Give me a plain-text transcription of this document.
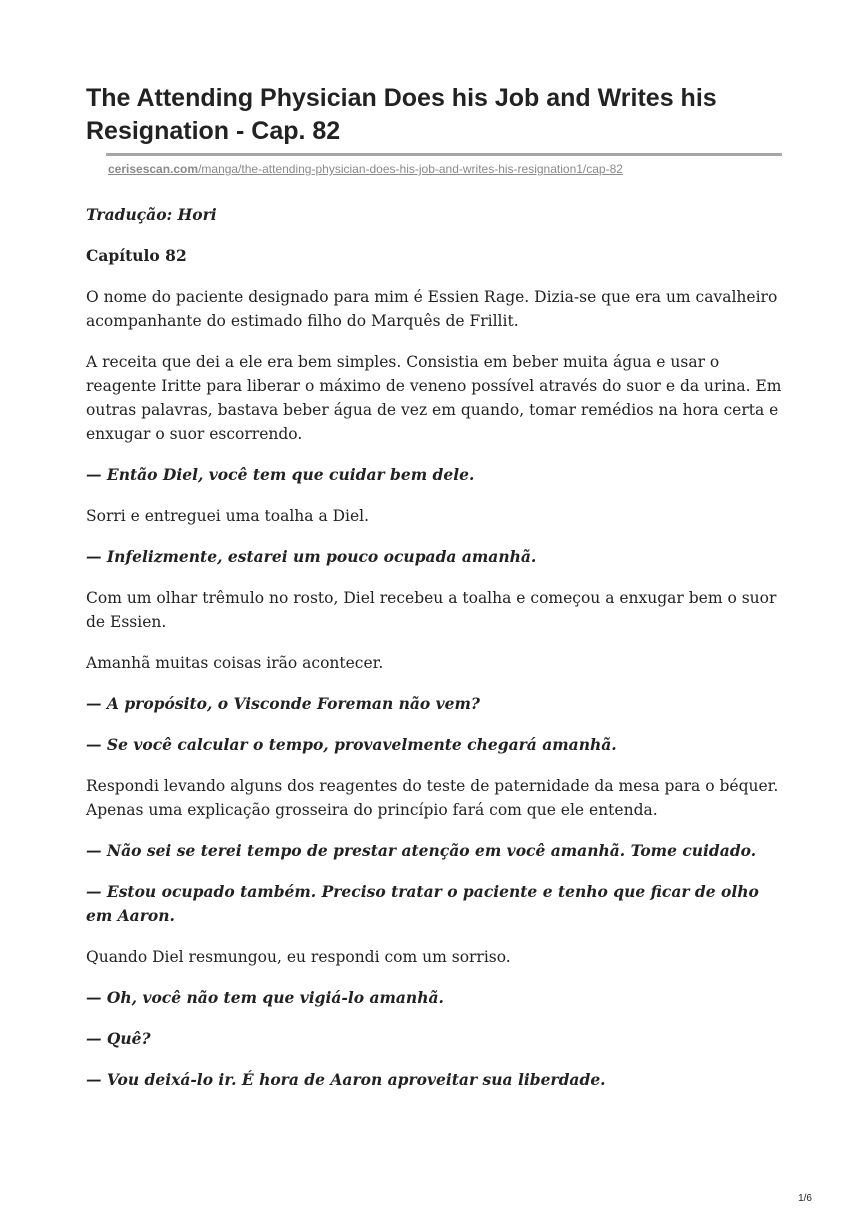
The Attending Physician Does his Job and Writes his Resignation - Cap. 82
cerisescan.com/manga/the-attending-physician-does-his-job-and-writes-his-resignation1/cap-82

Tradução: Hori

Capítulo 82

O nome do paciente designado para mim é Essien Rage. Dizia-se que era um cavalheiro acompanhante do estimado filho do Marquês de Frillit.

A receita que dei a ele era bem simples. Consistia em beber muita água e usar o reagente Iritte para liberar o máximo de veneno possível através do suor e da urina. Em outras palavras, bastava beber água de vez em quando, tomar remédios na hora certa e enxugar o suor escorrendo.

— Então Diel, você tem que cuidar bem dele.

Sorri e entreguei uma toalha a Diel.

— Infelizmente, estarei um pouco ocupada amanhã.

Com um olhar trêmulo no rosto, Diel recebeu a toalha e começou a enxugar bem o suor de Essien.

Amanhã muitas coisas irão acontecer.

— A propósito, o Visconde Foreman não vem?

— Se você calcular o tempo, provavelmente chegará amanhã.

Respondi levando alguns dos reagentes do teste de paternidade da mesa para o béquer. Apenas uma explicação grosseira do princípio fará com que ele entenda.

— Não sei se terei tempo de prestar atenção em você amanhã. Tome cuidado.

— Estou ocupado também. Preciso tratar o paciente e tenho que ficar de olho em Aaron.

Quando Diel resmungou, eu respondi com um sorriso.

— Oh, você não tem que vigiá-lo amanhã.

— Quê?

— Vou deixá-lo ir. É hora de Aaron aproveitar sua liberdade.

1/6
